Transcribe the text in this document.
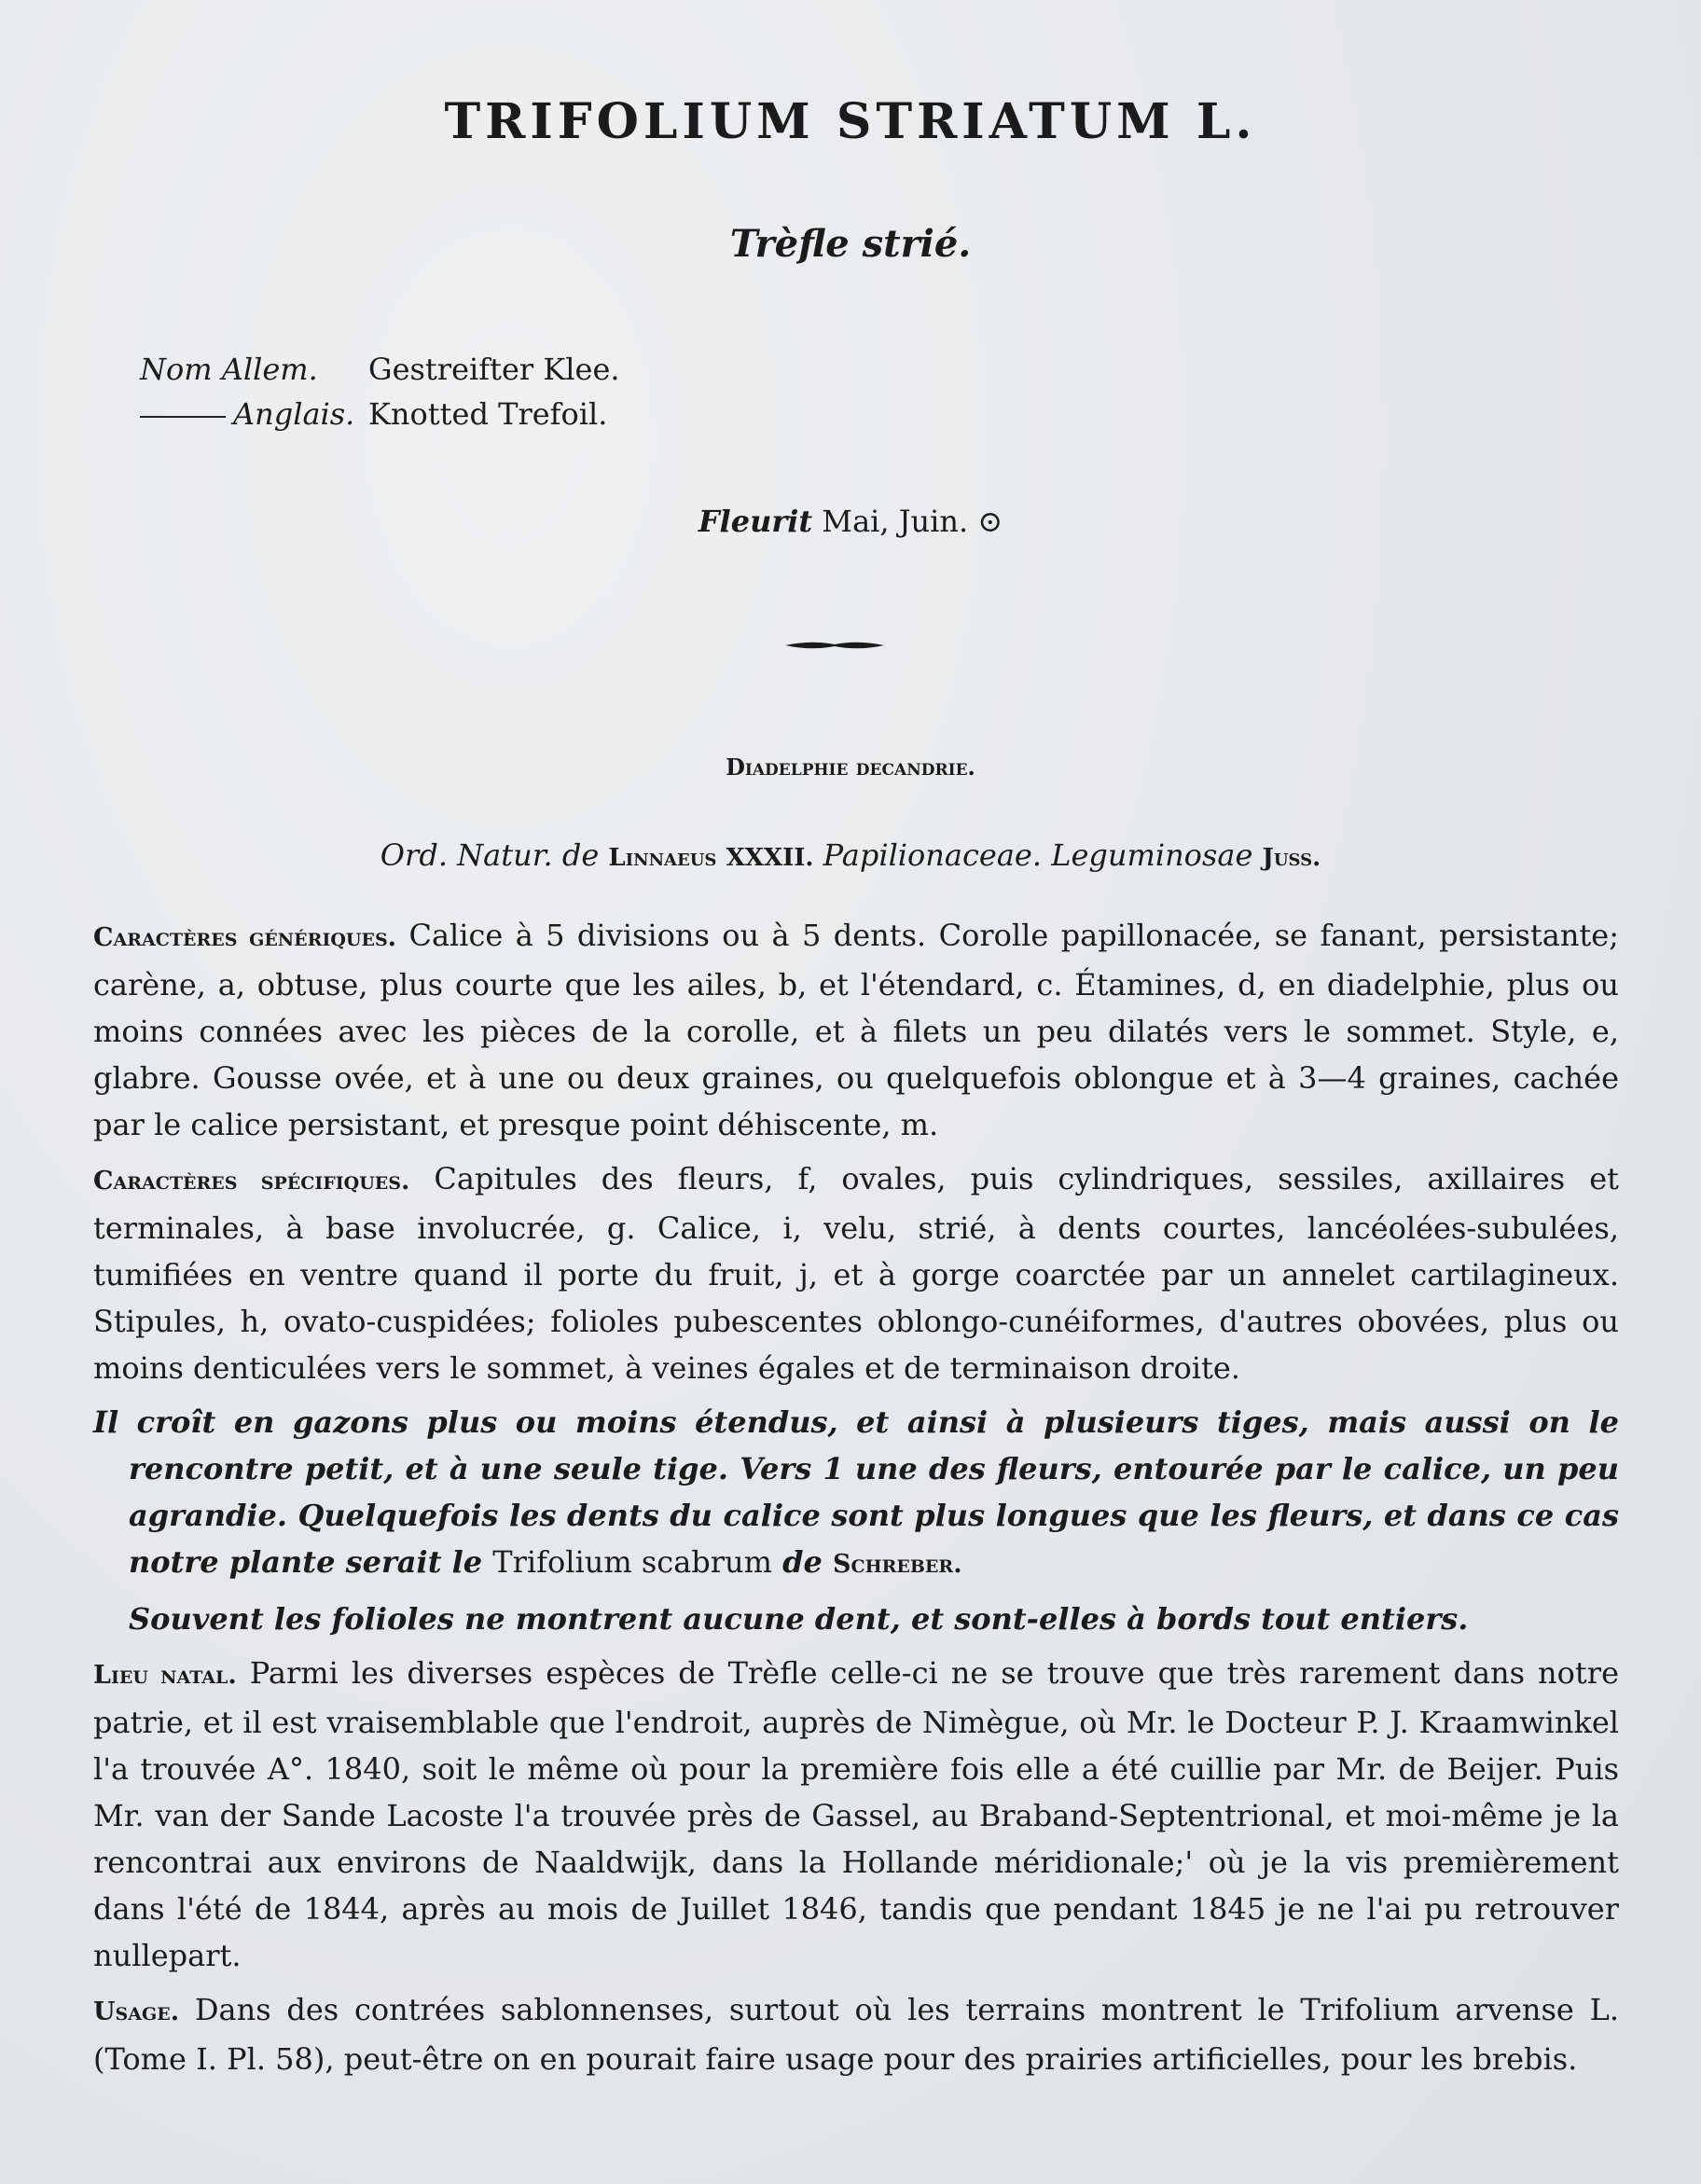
TRIFOLIUM STRIATUM L.
Trèfle strié.
Nom Allem.	Gestreifter Klee.
Anglais. Knotted Trefoil.
Fleurit Mai, Juin. ⊙
Diadelphie decandrie.
Ord. Natur. de Linnaeus XXXII. Papilionaceae. Leguminosae Juss.

Caractères génériques. Calice à 5 divisions ou à 5 dents. Corolle papillonacée, se fanant, persistante; carène, a, obtuse, plus courte que les ailes, b, et l'étendard, c. Étamines, d, en diadelphie, plus ou moins connées avec les pièces de la corolle, et à filets un peu dilatés vers le sommet. Style, e, glabre. Gousse ovée, et à une ou deux graines, ou quelquefois oblongue et à 3—4 graines, cachée par le calice persistant, et presque point déhiscente, m.

Caractères spécifiques. Capitules des fleurs, f, ovales, puis cylindriques, sessiles, axillaires et terminales, à base involucrée, g. Calice, i, velu, strié, à dents courtes, lancéolées-subulées, tumifiées en ventre quand il porte du fruit, j, et à gorge coarctée par un annelet cartilagineux. Stipules, h, ovato-cuspidées; folioles pubescentes oblongo-cunéiformes, d'autres obovées, plus ou moins denticulées vers le sommet, à veines égales et de terminaison droite.

Il croît en gazons plus ou moins étendus, et ainsi à plusieurs tiges, mais aussi on le rencontre petit, et à une seule tige. Vers 1 une des fleurs, entourée par le calice, un peu agrandie. Quelquefois les dents du calice sont plus longues que les fleurs, et dans ce cas notre plante serait le Trifolium scabrum de Schreber.

Souvent les folioles ne montrent aucune dent, et sont-elles à bords tout entiers.

Lieu natal. Parmi les diverses espèces de Trèfle celle-ci ne se trouve que très rarement dans notre patrie, et il est vraisemblable que l'endroit, auprès de Nimègue, où Mr. le Docteur P. J. Kraamwinkel l'a trouvée A°. 1840, soit le même où pour la première fois elle a été cuillie par Mr. de Beijer. Puis Mr. van der Sande Lacoste l'a trouvée près de Gassel, au Braband-Septentrional, et moi-même je la rencontrai aux environs de Naaldwijk, dans la Hollande méridionale;' où je la vis premièrement dans l'été de 1844, après au mois de Juillet 1846, tandis que pendant 1845 je ne l'ai pu retrouver nullepart.

Usage. Dans des contrées sablonnenses, surtout où les terrains montrent le Trifolium arvense L. (Tome I. Pl. 58), peut-être on en pourait faire usage pour des prairies artificielles, pour les brebis.
